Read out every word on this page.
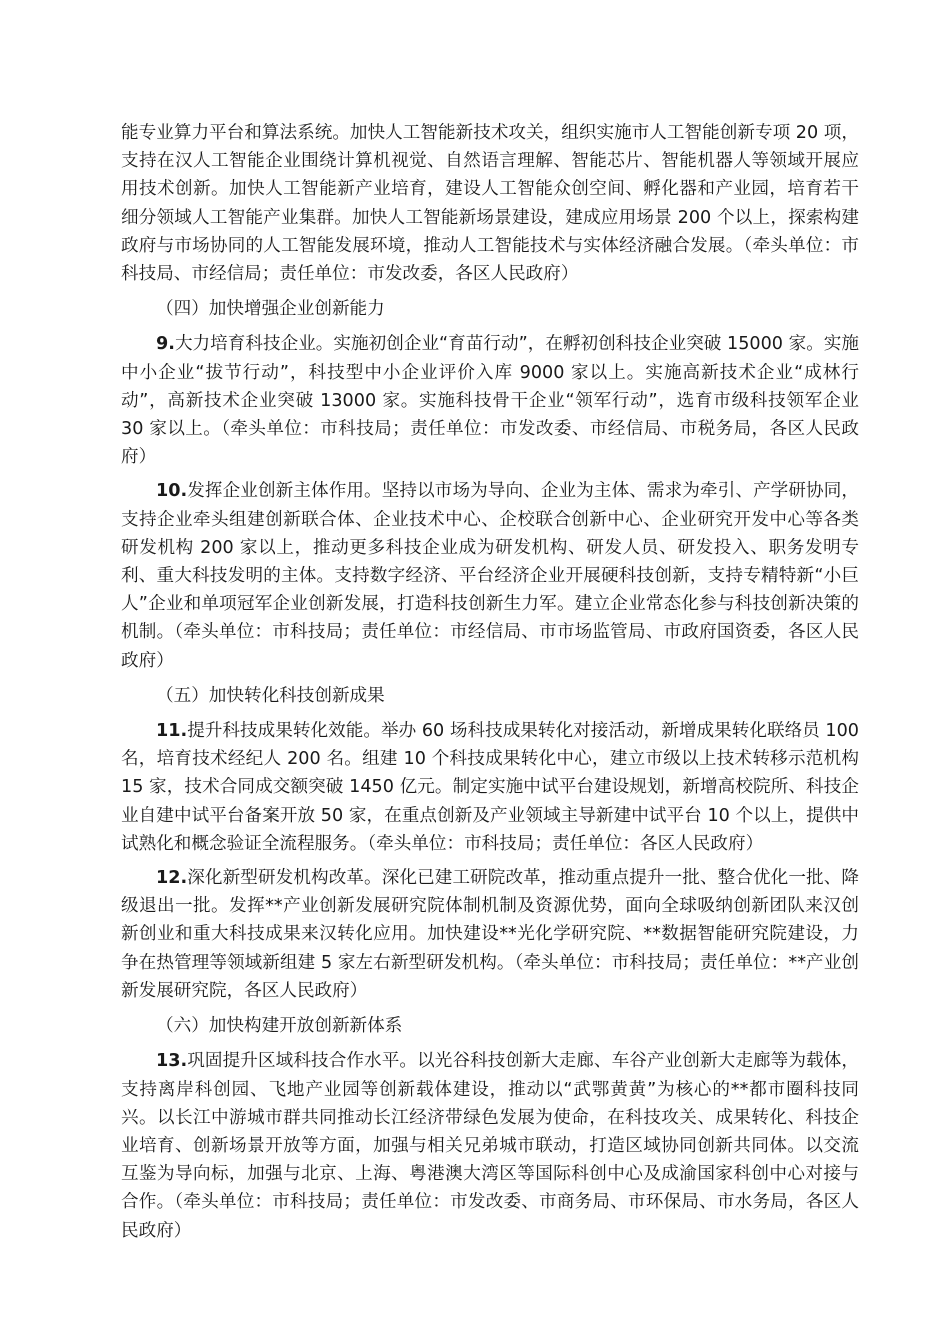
能专业算力平台和算法系统。加快人工智能新技术攻关，组织实施市人工智能创新专项 20 项，支持在汉人工智能企业围绕计算机视觉、自然语言理解、智能芯片、智能机器人等领域开展应用技术创新。加快人工智能新产业培育，建设人工智能众创空间、孵化器和产业园，培育若干细分领域人工智能产业集群。加快人工智能新场景建设，建成应用场景 200 个以上，探索构建政府与市场协同的人工智能发展环境，推动人工智能技术与实体经济融合发展。（牵头单位：市科技局、市经信局；责任单位：市发改委，各区人民政府）

（四）加快增强企业创新能力

9.大力培育科技企业。实施初创企业“育苗行动”，在孵初创科技企业突破 15000 家。实施中小企业“拔节行动”，科技型中小企业评价入库 9000 家以上。实施高新技术企业“成林行动”，高新技术企业突破 13000 家。实施科技骨干企业“领军行动”，选育市级科技领军企业 30 家以上。（牵头单位：市科技局；责任单位：市发改委、市经信局、市税务局，各区人民政府）

10.发挥企业创新主体作用。坚持以市场为导向、企业为主体、需求为牵引、产学研协同，支持企业牵头组建创新联合体、企业技术中心、企校联合创新中心、企业研究开发中心等各类研发机构 200 家以上，推动更多科技企业成为研发机构、研发人员、研发投入、职务发明专利、重大科技发明的主体。支持数字经济、平台经济企业开展硬科技创新，支持专精特新“小巨人”企业和单项冠军企业创新发展，打造科技创新生力军。建立企业常态化参与科技创新决策的机制。（牵头单位：市科技局；责任单位：市经信局、市市场监管局、市政府国资委，各区人民政府）

（五）加快转化科技创新成果

11.提升科技成果转化效能。举办 60 场科技成果转化对接活动，新增成果转化联络员 100 名，培育技术经纪人 200 名。组建 10 个科技成果转化中心，建立市级以上技术转移示范机构 15 家，技术合同成交额突破 1450 亿元。制定实施中试平台建设规划，新增高校院所、科技企业自建中试平台备案开放 50 家，在重点创新及产业领域主导新建中试平台 10 个以上，提供中试熟化和概念验证全流程服务。（牵头单位：市科技局；责任单位：各区人民政府）

12.深化新型研发机构改革。深化已建工研院改革，推动重点提升一批、整合优化一批、降级退出一批。发挥**产业创新发展研究院体制机制及资源优势，面向全球吸纳创新团队来汉创新创业和重大科技成果来汉转化应用。加快建设**光化学研究院、**数据智能研究院建设，力争在热管理等领域新组建 5 家左右新型研发机构。（牵头单位：市科技局；责任单位：**产业创新发展研究院，各区人民政府）

（六）加快构建开放创新新体系

13.巩固提升区域科技合作水平。以光谷科技创新大走廊、车谷产业创新大走廊等为载体，支持离岸科创园、飞地产业园等创新载体建设，推动以“武鄂黄黄”为核心的**都市圈科技同兴。以长江中游城市群共同推动长江经济带绿色发展为使命，在科技攻关、成果转化、科技企业培育、创新场景开放等方面，加强与相关兄弟城市联动，打造区域协同创新共同体。以交流互鉴为导向标，加强与北京、上海、粤港澳大湾区等国际科创中心及成渝国家科创中心对接与合作。（牵头单位：市科技局；责任单位：市发改委、市商务局、市环保局、市水务局，各区人民政府）
